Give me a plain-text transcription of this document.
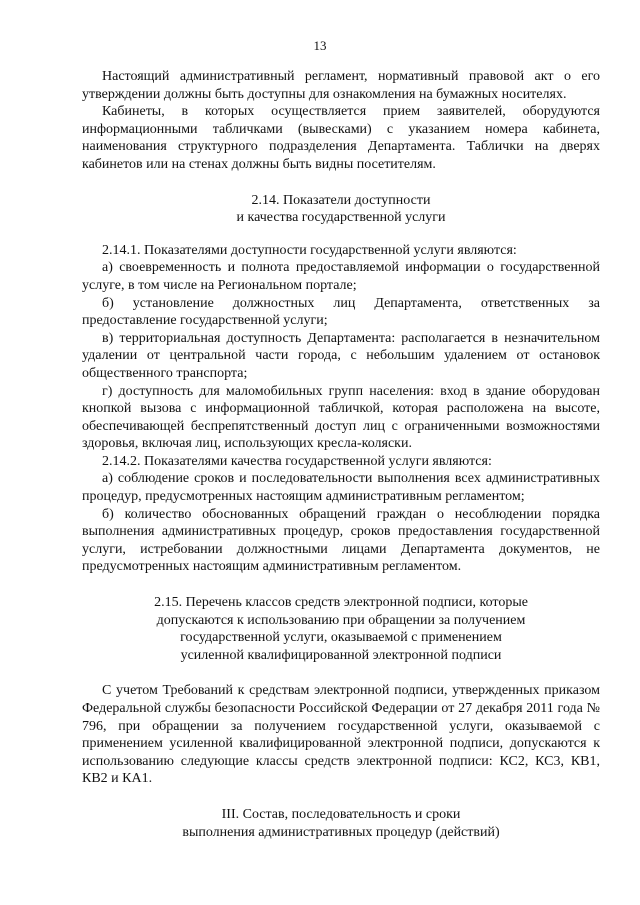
13

Настоящий административный регламент, нормативный правовой акт о его утверждении должны быть доступны для ознакомления на бумажных носителях.

Кабинеты, в которых осуществляется прием заявителей, оборудуются информационными табличками (вывесками) с указанием номера кабинета, наименования структурного подразделения Департамента. Таблички на дверях кабинетов или на стенах должны быть видны посетителям.

2.14. Показатели доступности

и качества государственной услуги

2.14.1. Показателями доступности государственной услуги являются:

а) своевременность и полнота предоставляемой информации о государственной услуге, в том числе на Региональном портале;

б) установление должностных лиц Департамента, ответственных за предоставление государственной услуги;

в) территориальная доступность Департамента: располагается в незначительном удалении от центральной части города, с небольшим удалением от остановок общественного транспорта;

г) доступность для маломобильных групп населения: вход в здание оборудован кнопкой вызова с информационной табличкой, которая расположена на высоте, обеспечивающей беспрепятственный доступ лиц с ограниченными возможностями здоровья, включая лиц, использующих кресла-коляски.

2.14.2. Показателями качества государственной услуги являются:

а) соблюдение сроков и последовательности выполнения всех административных процедур, предусмотренных настоящим административным регламентом;

б) количество обоснованных обращений граждан о несоблюдении порядка выполнения административных процедур, сроков предоставления государственной услуги, истребовании должностными лицами Департамента документов, не предусмотренных настоящим административным регламентом.

2.15. Перечень классов средств электронной подписи, которые

допускаются к использованию при обращении за получением

государственной услуги, оказываемой с применением

усиленной квалифицированной электронной подписи

С учетом Требований к средствам электронной подписи, утвержденных приказом Федеральной службы безопасности Российской Федерации от 27 декабря 2011 года № 796, при обращении за получением государственной услуги, оказываемой с применением усиленной квалифицированной электронной подписи, допускаются к использованию следующие классы средств электронной подписи: КС2, КС3, КВ1, КВ2 и КА1.

III. Состав, последовательность и сроки

выполнения административных процедур (действий)
